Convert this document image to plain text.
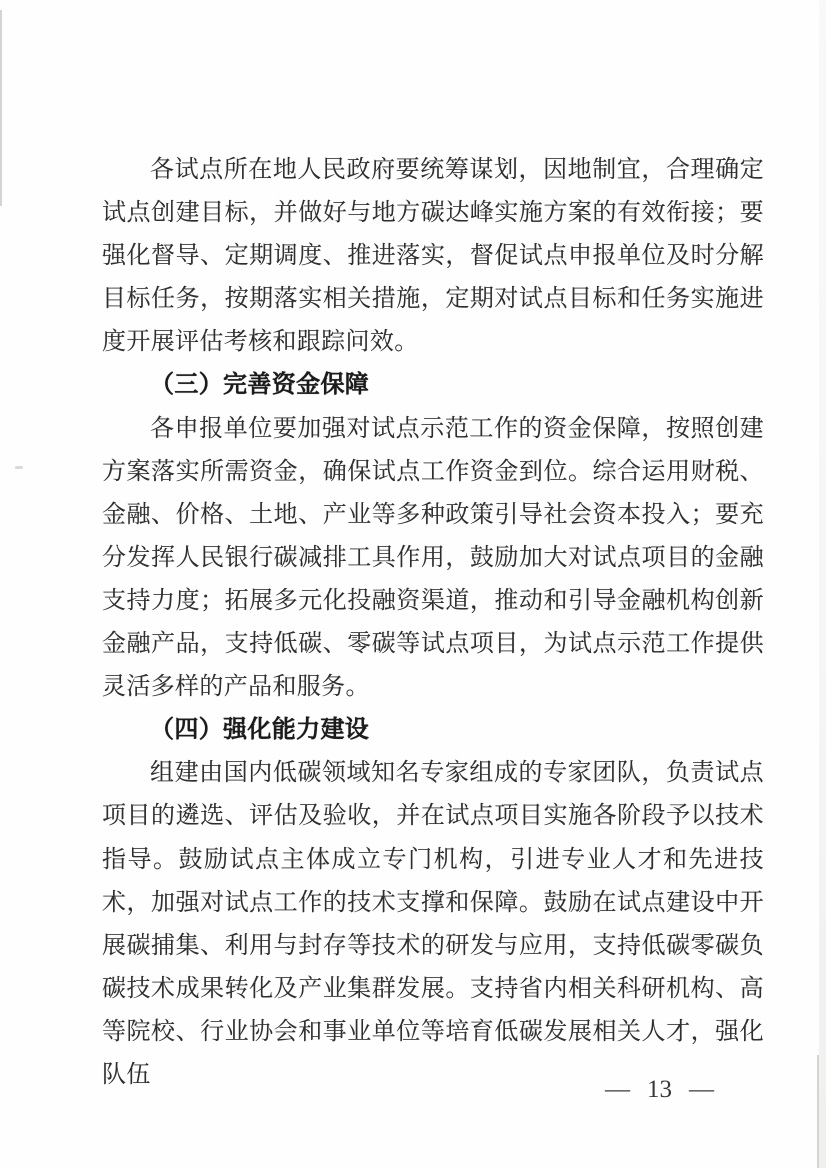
各试点所在地人民政府要统筹谋划，因地制宜，合理确定试点创建目标，并做好与地方碳达峰实施方案的有效衔接；要强化督导、定期调度、推进落实，督促试点申报单位及时分解目标任务，按期落实相关措施，定期对试点目标和任务实施进度开展评估考核和跟踪问效。

（三）完善资金保障

各申报单位要加强对试点示范工作的资金保障，按照创建方案落实所需资金，确保试点工作资金到位。综合运用财税、金融、价格、土地、产业等多种政策引导社会资本投入；要充分发挥人民银行碳减排工具作用，鼓励加大对试点项目的金融支持力度；拓展多元化投融资渠道，推动和引导金融机构创新金融产品，支持低碳、零碳等试点项目，为试点示范工作提供灵活多样的产品和服务。

（四）强化能力建设

组建由国内低碳领域知名专家组成的专家团队，负责试点项目的遴选、评估及验收，并在试点项目实施各阶段予以技术指导。鼓励试点主体成立专门机构，引进专业人才和先进技术，加强对试点工作的技术支撑和保障。鼓励在试点建设中开展碳捕集、利用与封存等技术的研发与应用，支持低碳零碳负碳技术成果转化及产业集群发展。支持省内相关科研机构、高等院校、行业协会和事业单位等培育低碳发展相关人才，强化队伍

— 13 —
